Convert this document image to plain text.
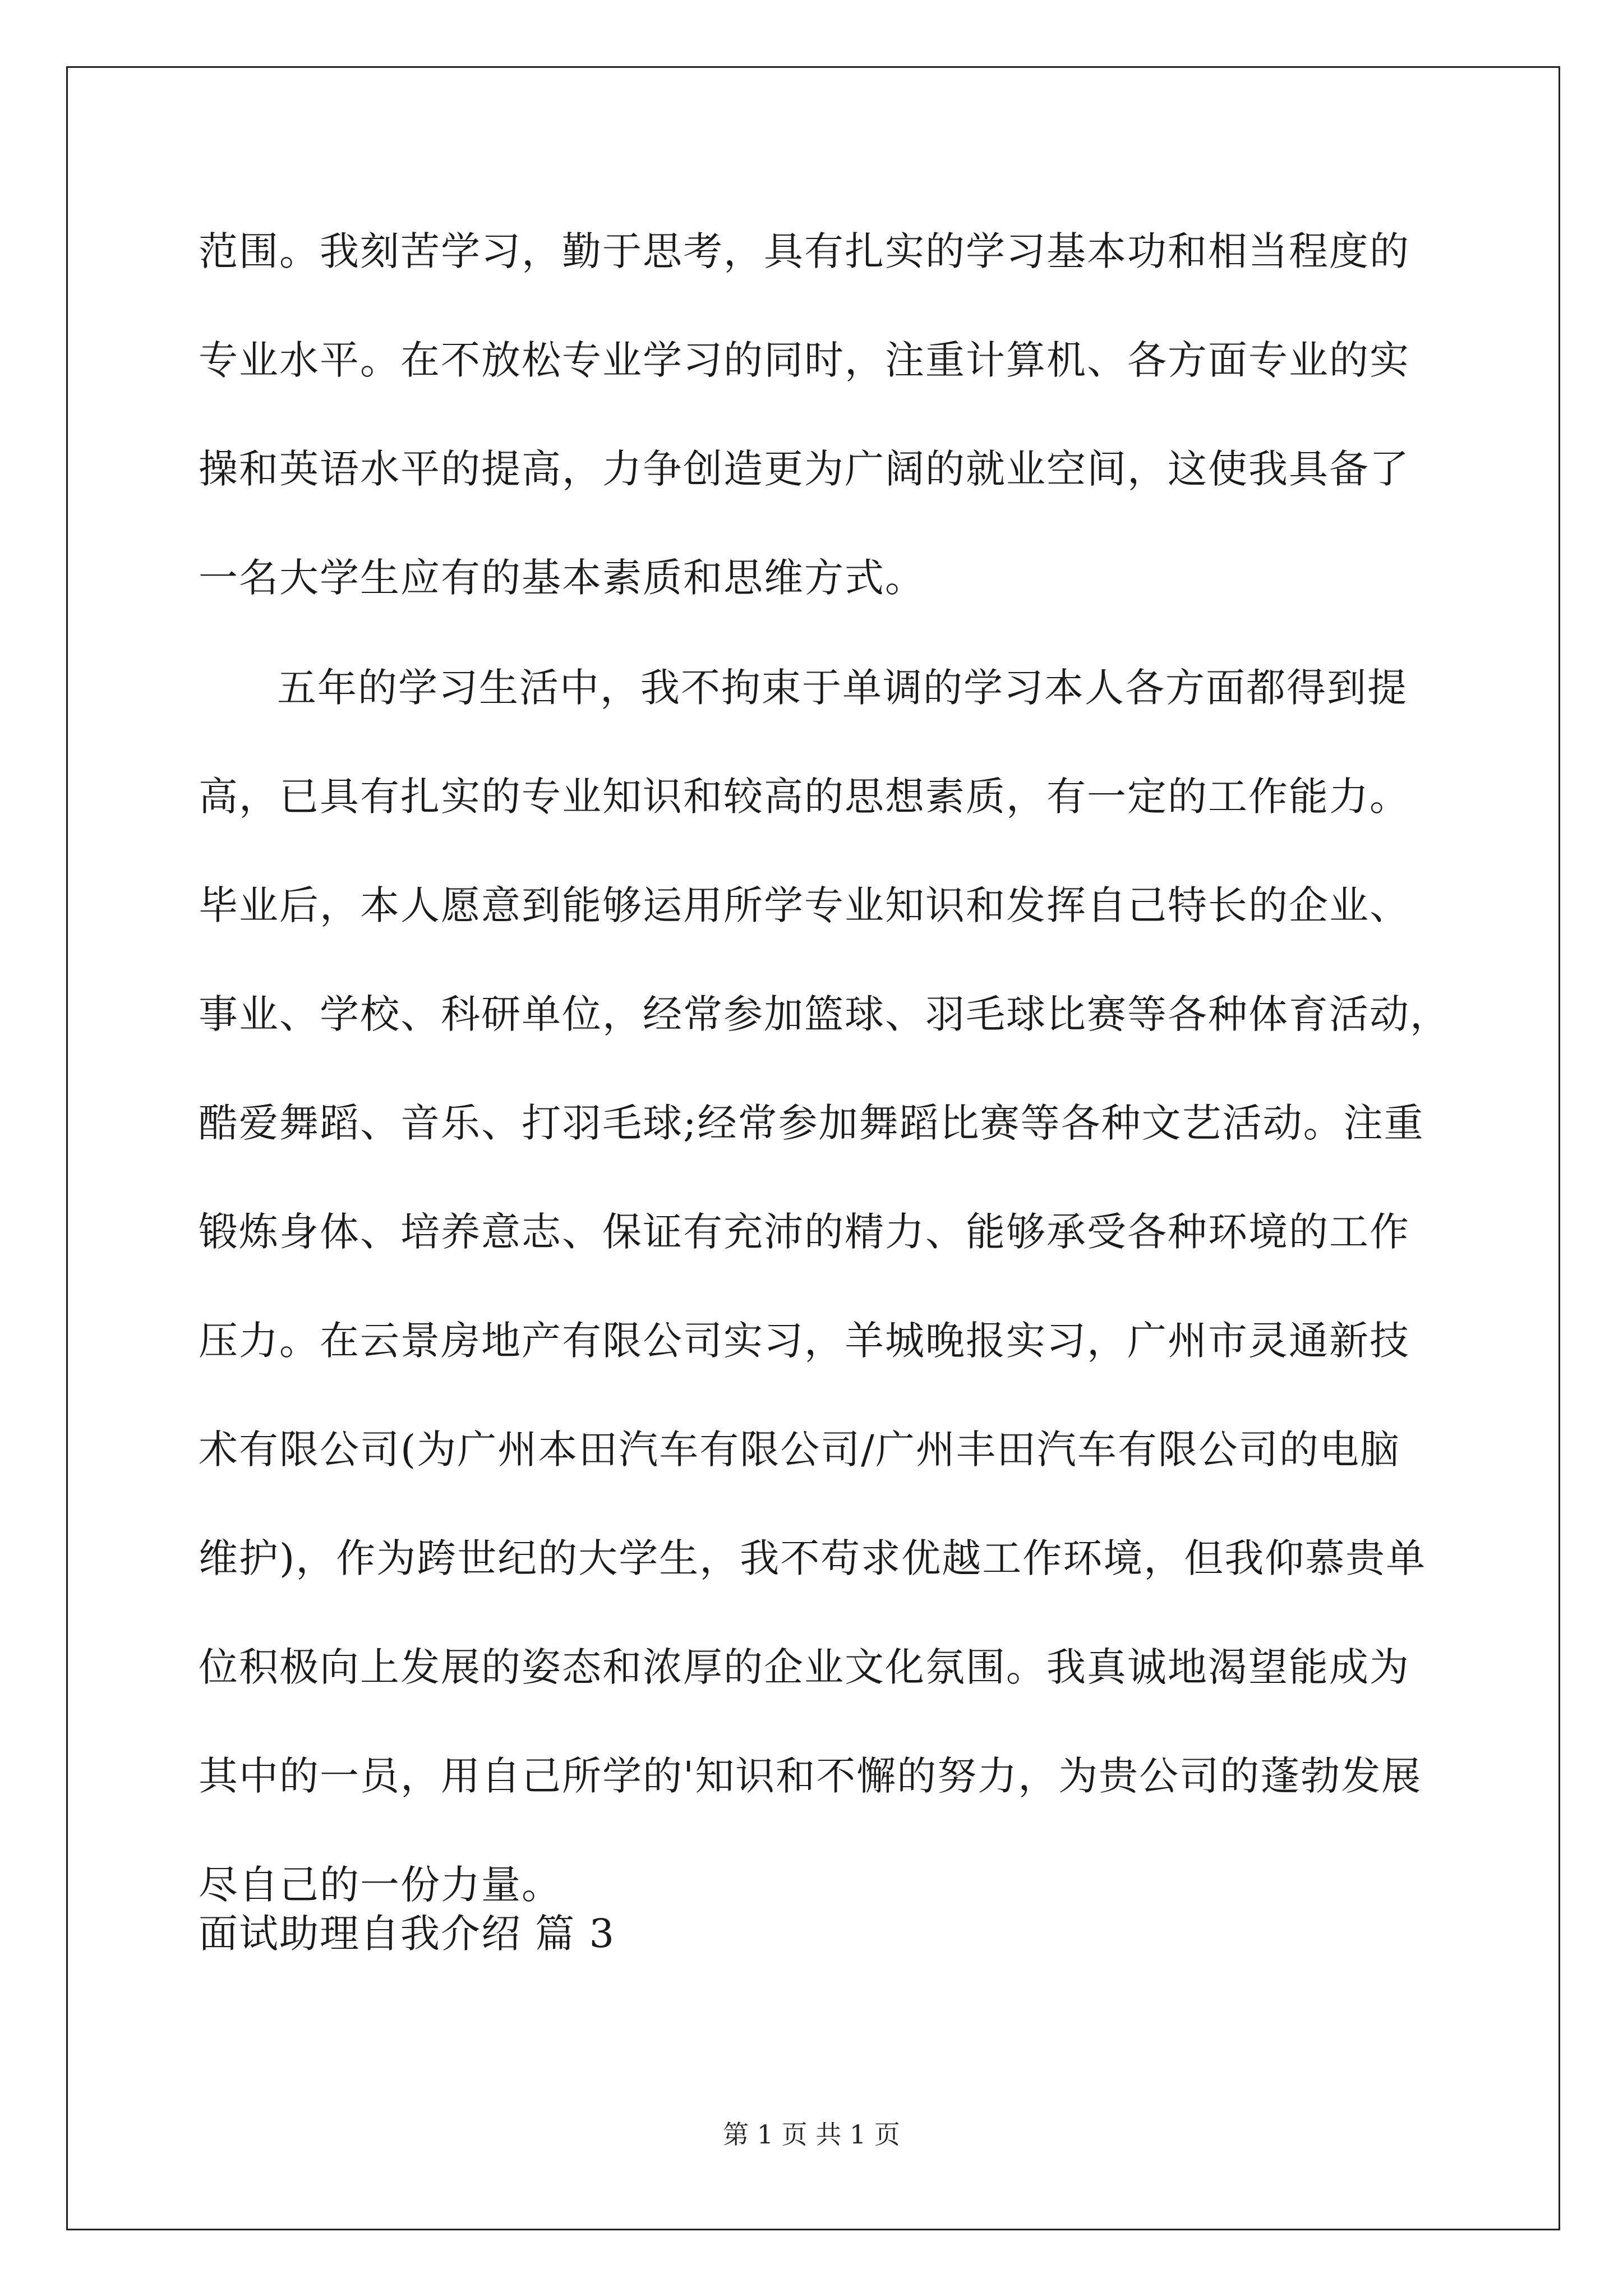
范围。我刻苦学习，勤于思考，具有扎实的学习基本功和相当程度的
专业水平。在不放松专业学习的同时，注重计算机、各方面专业的实
操和英语水平的提高，力争创造更为广阔的就业空间，这使我具备了
一名大学生应有的基本素质和思维方式。
五年的学习生活中，我不拘束于单调的学习本人各方面都得到提
高，已具有扎实的专业知识和较高的思想素质，有一定的工作能力。
毕业后，本人愿意到能够运用所学专业知识和发挥自己特长的企业、
事业、学校、科研单位，经常参加篮球、羽毛球比赛等各种体育活动，
酷爱舞蹈、音乐、打羽毛球;经常参加舞蹈比赛等各种文艺活动。注重
锻炼身体、培养意志、保证有充沛的精力、能够承受各种环境的工作
压力。在云景房地产有限公司实习，羊城晚报实习，广州市灵通新技
术有限公司(为广州本田汽车有限公司/广州丰田汽车有限公司的电脑
维护)，作为跨世纪的大学生，我不苟求优越工作环境，但我仰慕贵单
位积极向上发展的姿态和浓厚的企业文化氛围。我真诚地渴望能成为
其中的一员，用自己所学的'知识和不懈的努力，为贵公司的蓬勃发展
尽自己的一份力量。
面试助理自我介绍 篇 3
第 1 页 共 1 页
